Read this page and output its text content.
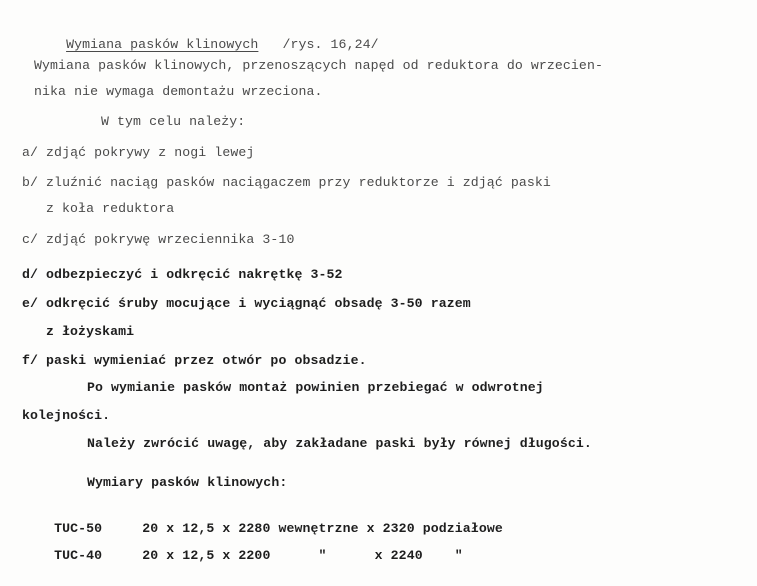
Wymiana pasków klinowych /rys. 16,24/

Wymiana pasków klinowych, przenoszących napęd od reduktora do wrzecien-
nika nie wymaga demontażu wrzeciona.
W tym celu należy:
a/ zdjąć pokrywy z nogi lewej
b/ zluźnić naciąg pasków naciągaczem przy reduktorze i zdjąć paski
z koła reduktora
c/ zdjąć pokrywę wrzeciennika 3-10
d/ odbezpieczyć i odkręcić nakrętkę 3-52
e/ odkręcić śruby mocujące i wyciągnąć obsadę 3-50 razem
z łożyskami
f/ paski wymieniać przez otwór po obsadzie.
Po wymianie pasków montaż powinien przebiegać w odwrotnej
kolejności.
Należy zwrócić uwagę, aby zakładane paski były równej długości.
Wymiary pasków klinowych:

TUC-50	20 x 12,5 x 2280 wewnętrzne x 2320 podziałowe

TUC-40	20 x 12,5 x 2200      "      x 2240    "
